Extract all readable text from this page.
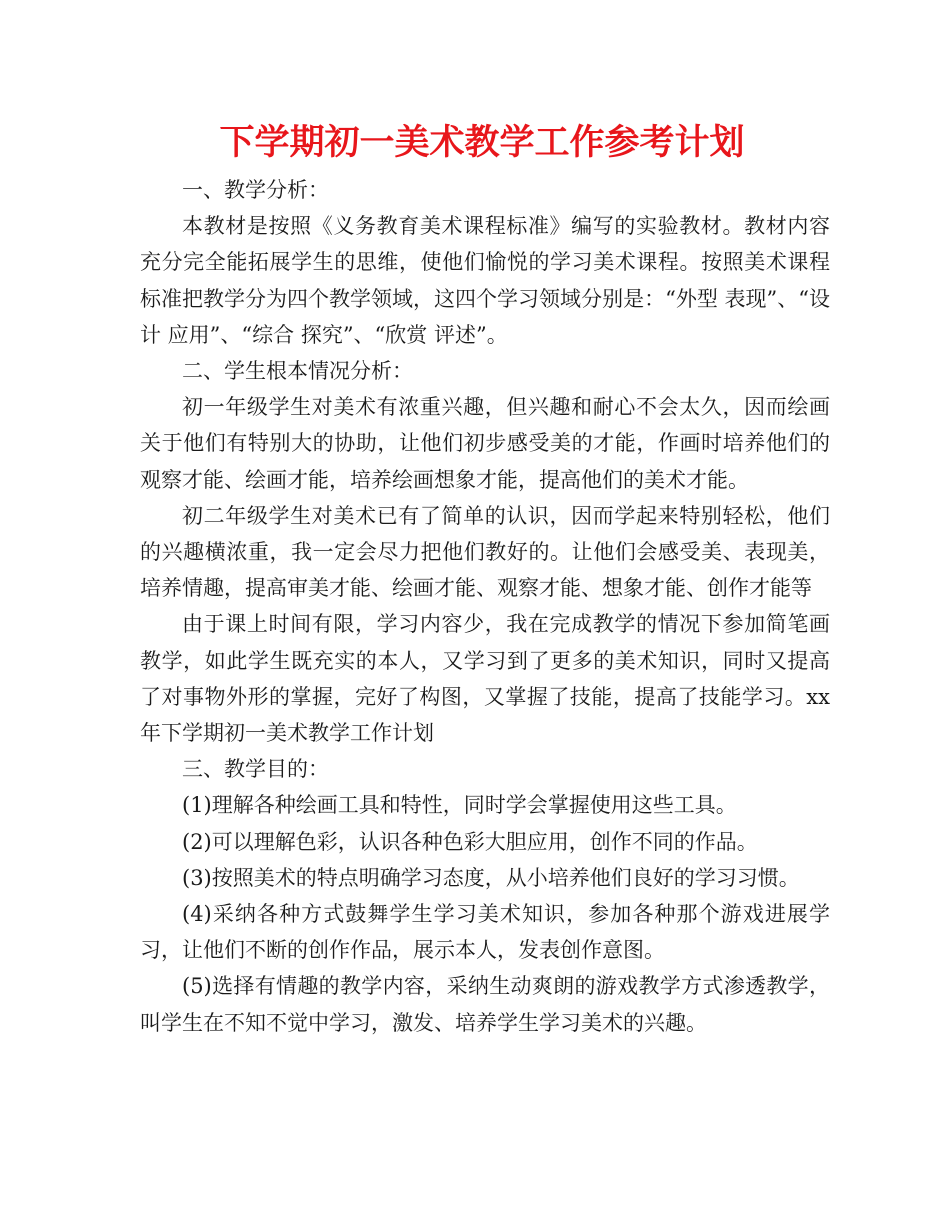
下学期初一美术教学工作参考计划

一、教学分析：

本教材是按照《义务教育美术课程标准》编写的实验教材。教材内容充分完全能拓展学生的思维，使他们愉悦的学习美术课程。按照美术课程标准把教学分为四个教学领域，这四个学习领域分别是：“外型 表现”、“设计 应用”、“综合 探究”、“欣赏 评述”。

二、学生根本情况分析：

初一年级学生对美术有浓重兴趣，但兴趣和耐心不会太久，因而绘画关于他们有特别大的协助，让他们初步感受美的才能，作画时培养他们的观察才能、绘画才能，培养绘画想象才能，提高他们的美术才能。

初二年级学生对美术已有了简单的认识，因而学起来特别轻松，他们的兴趣横浓重，我一定会尽力把他们教好的。让他们会感受美、表现美，培养情趣，提高审美才能、绘画才能、观察才能、想象才能、创作才能等

由于课上时间有限，学习内容少，我在完成教学的情况下参加简笔画教学，如此学生既充实的本人，又学习到了更多的美术知识，同时又提高了对事物外形的掌握，完好了构图，又掌握了技能，提高了技能学习。xx年下学期初一美术教学工作计划

三、教学目的：

(1)理解各种绘画工具和特性，同时学会掌握使用这些工具。

(2)可以理解色彩，认识各种色彩大胆应用，创作不同的作品。

(3)按照美术的特点明确学习态度，从小培养他们良好的学习习惯。

(4)采纳各种方式鼓舞学生学习美术知识，参加各种那个游戏进展学习，让他们不断的创作作品，展示本人，发表创作意图。

(5)选择有情趣的教学内容，采纳生动爽朗的游戏教学方式渗透教学，叫学生在不知不觉中学习，激发、培养学生学习美术的兴趣。
